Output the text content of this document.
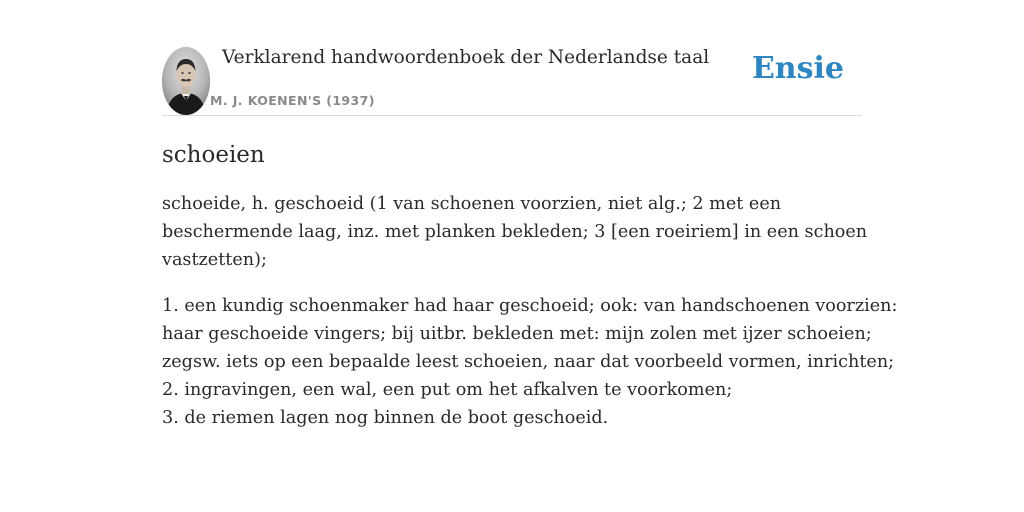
Verklarend handwoordenboek der Nederlandse taal
M. J. KOENEN'S (1937)
Ensie
schoeien

schoeide, h. geschoeid (1 van schoenen voorzien, niet alg.; 2 met een
beschermende laag, inz. met planken bekleden; 3 [een roeiriem] in een schoen
vastzetten);

1. een kundig schoenmaker had haar geschoeid; ook: van handschoenen voorzien:
haar geschoeide vingers; bij uitbr. bekleden met: mijn zolen met ijzer schoeien;
zegsw. iets op een bepaalde leest schoeien, naar dat voorbeeld vormen, inrichten;
2. ingravingen, een wal, een put om het afkalven te voorkomen;
3. de riemen lagen nog binnen de boot geschoeid.
